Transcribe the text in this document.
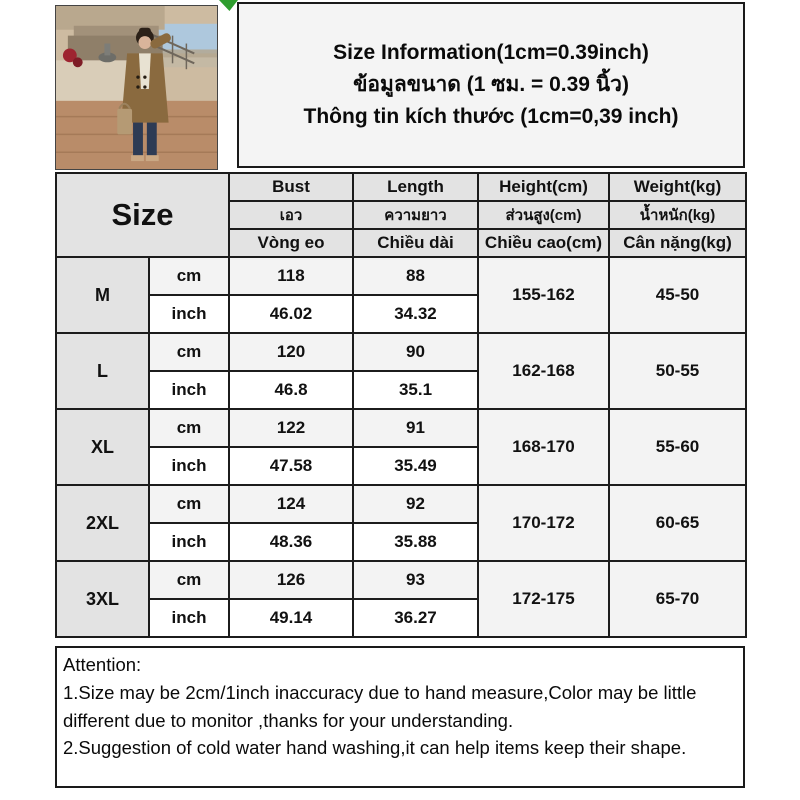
Size Information(1cm=0.39inch)
ข้อมูลขนาด (1 ซม. = 0.39 นิ้ว)
Thông tin kích thước (1cm=0,39 inch)
Size		Bust	Length	Height(cm)	Weight(kg)
		เอว	ความยาว	ส่วนสูง(cm)	น้ำหนัก(kg)
		Vòng eo	Chiều dài	Chiều cao(cm)	Cân nặng(kg)
M	cm	118	88	155-162	45-50
	inch	46.02	34.32		
L	cm	120	90	162-168	50-55
	inch	46.8	35.1		
XL	cm	122	91	168-170	55-60
	inch	47.58	35.49		
2XL	cm	124	92	170-172	60-65
	inch	48.36	35.88		
3XL	cm	126	93	172-175	65-70
	inch	49.14	36.27		

Attention:

1.Size may be 2cm/1inch inaccuracy due to hand measure,Color may be little different due to monitor ,thanks for your understanding.

2.Suggestion of cold water hand washing,it can help items keep their shape.
